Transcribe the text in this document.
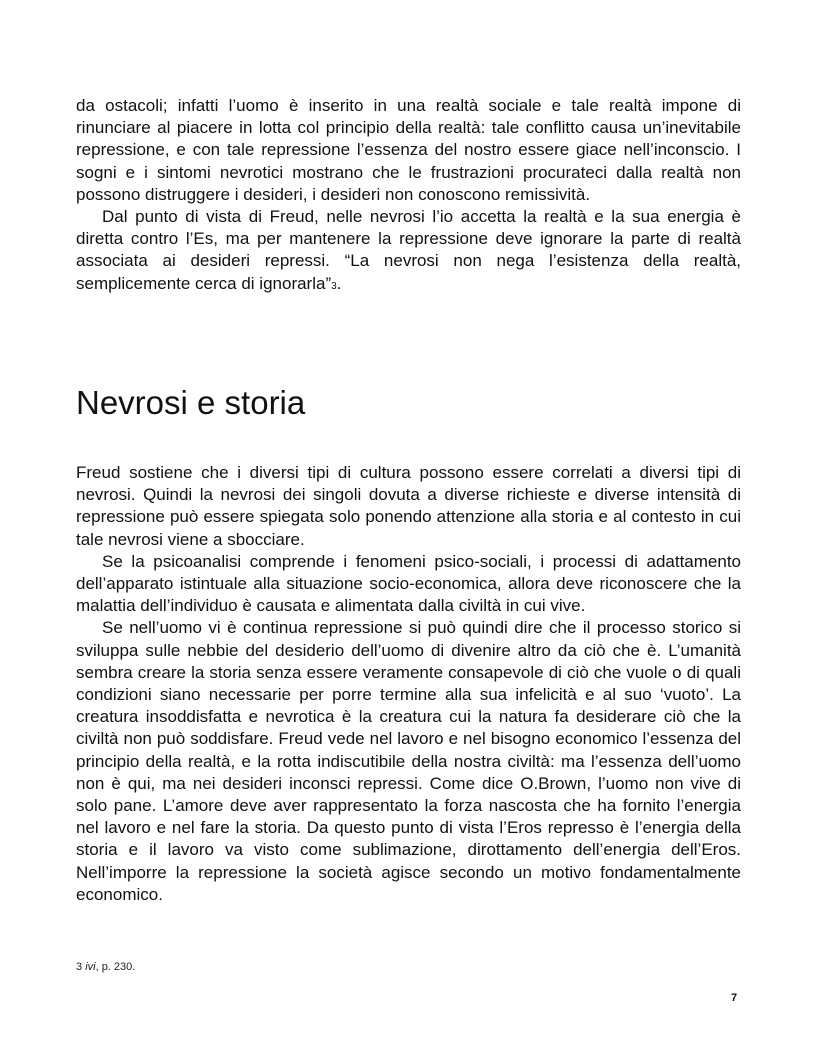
da ostacoli; infatti l’uomo è inserito in una realtà sociale e tale realtà impone di rinunciare al piacere in lotta col principio della realtà: tale conflitto causa un’inevitabile repressione, e con tale repressione l’essenza del nostro essere giace nell’inconscio. I sogni e i sintomi nevrotici mostrano che le frustrazioni procurateci dalla realtà non possono distruggere i desideri, i desideri non conoscono remissività.

Dal punto di vista di Freud, nelle nevrosi l’io accetta la realtà e la sua energia è diretta contro l’Es, ma per mantenere la repressione deve ignorare la parte di realtà associata ai desideri repressi. “La nevrosi non nega l’esistenza della realtà, semplicemente cerca di ignorarla”3.

Nevrosi e storia

Freud sostiene che i diversi tipi di cultura possono essere correlati a diversi tipi di nevrosi. Quindi la nevrosi dei singoli dovuta a diverse richieste e diverse intensità di repressione può essere spiegata solo ponendo attenzione alla storia e al contesto in cui tale nevrosi viene a sbocciare.

Se la psicoanalisi comprende i fenomeni psico-sociali, i processi di adattamento dell’apparato istintuale alla situazione socio-economica, allora deve riconoscere che la malattia dell’individuo è causata e alimentata dalla civiltà in cui vive.

Se nell’uomo vi è continua repressione si può quindi dire che il processo storico si sviluppa sulle nebbie del desiderio dell’uomo di divenire altro da ciò che è. L’umanità sembra creare la storia senza essere veramente consapevole di ciò che vuole o di quali condizioni siano necessarie per porre termine alla sua infelicità e al suo ‘vuoto’. La creatura insoddisfatta e nevrotica è la creatura cui la natura fa desiderare ciò che la civiltà non può soddisfare. Freud vede nel lavoro e nel bisogno economico l’essenza del principio della realtà, e la rotta indiscutibile della nostra civiltà: ma l’essenza dell’uomo non è qui, ma nei desideri inconsci repressi. Come dice O.Brown, l’uomo non vive di solo pane. L’amore deve aver rappresentato la forza nascosta che ha fornito l’energia nel lavoro e nel fare la storia. Da questo punto di vista l’Eros represso è l’energia della storia e il lavoro va visto come sublimazione, dirottamento dell’energia dell’Eros. Nell’imporre la repressione la società agisce secondo un motivo fondamentalmente economico.

3 ivi, p. 230.
7
